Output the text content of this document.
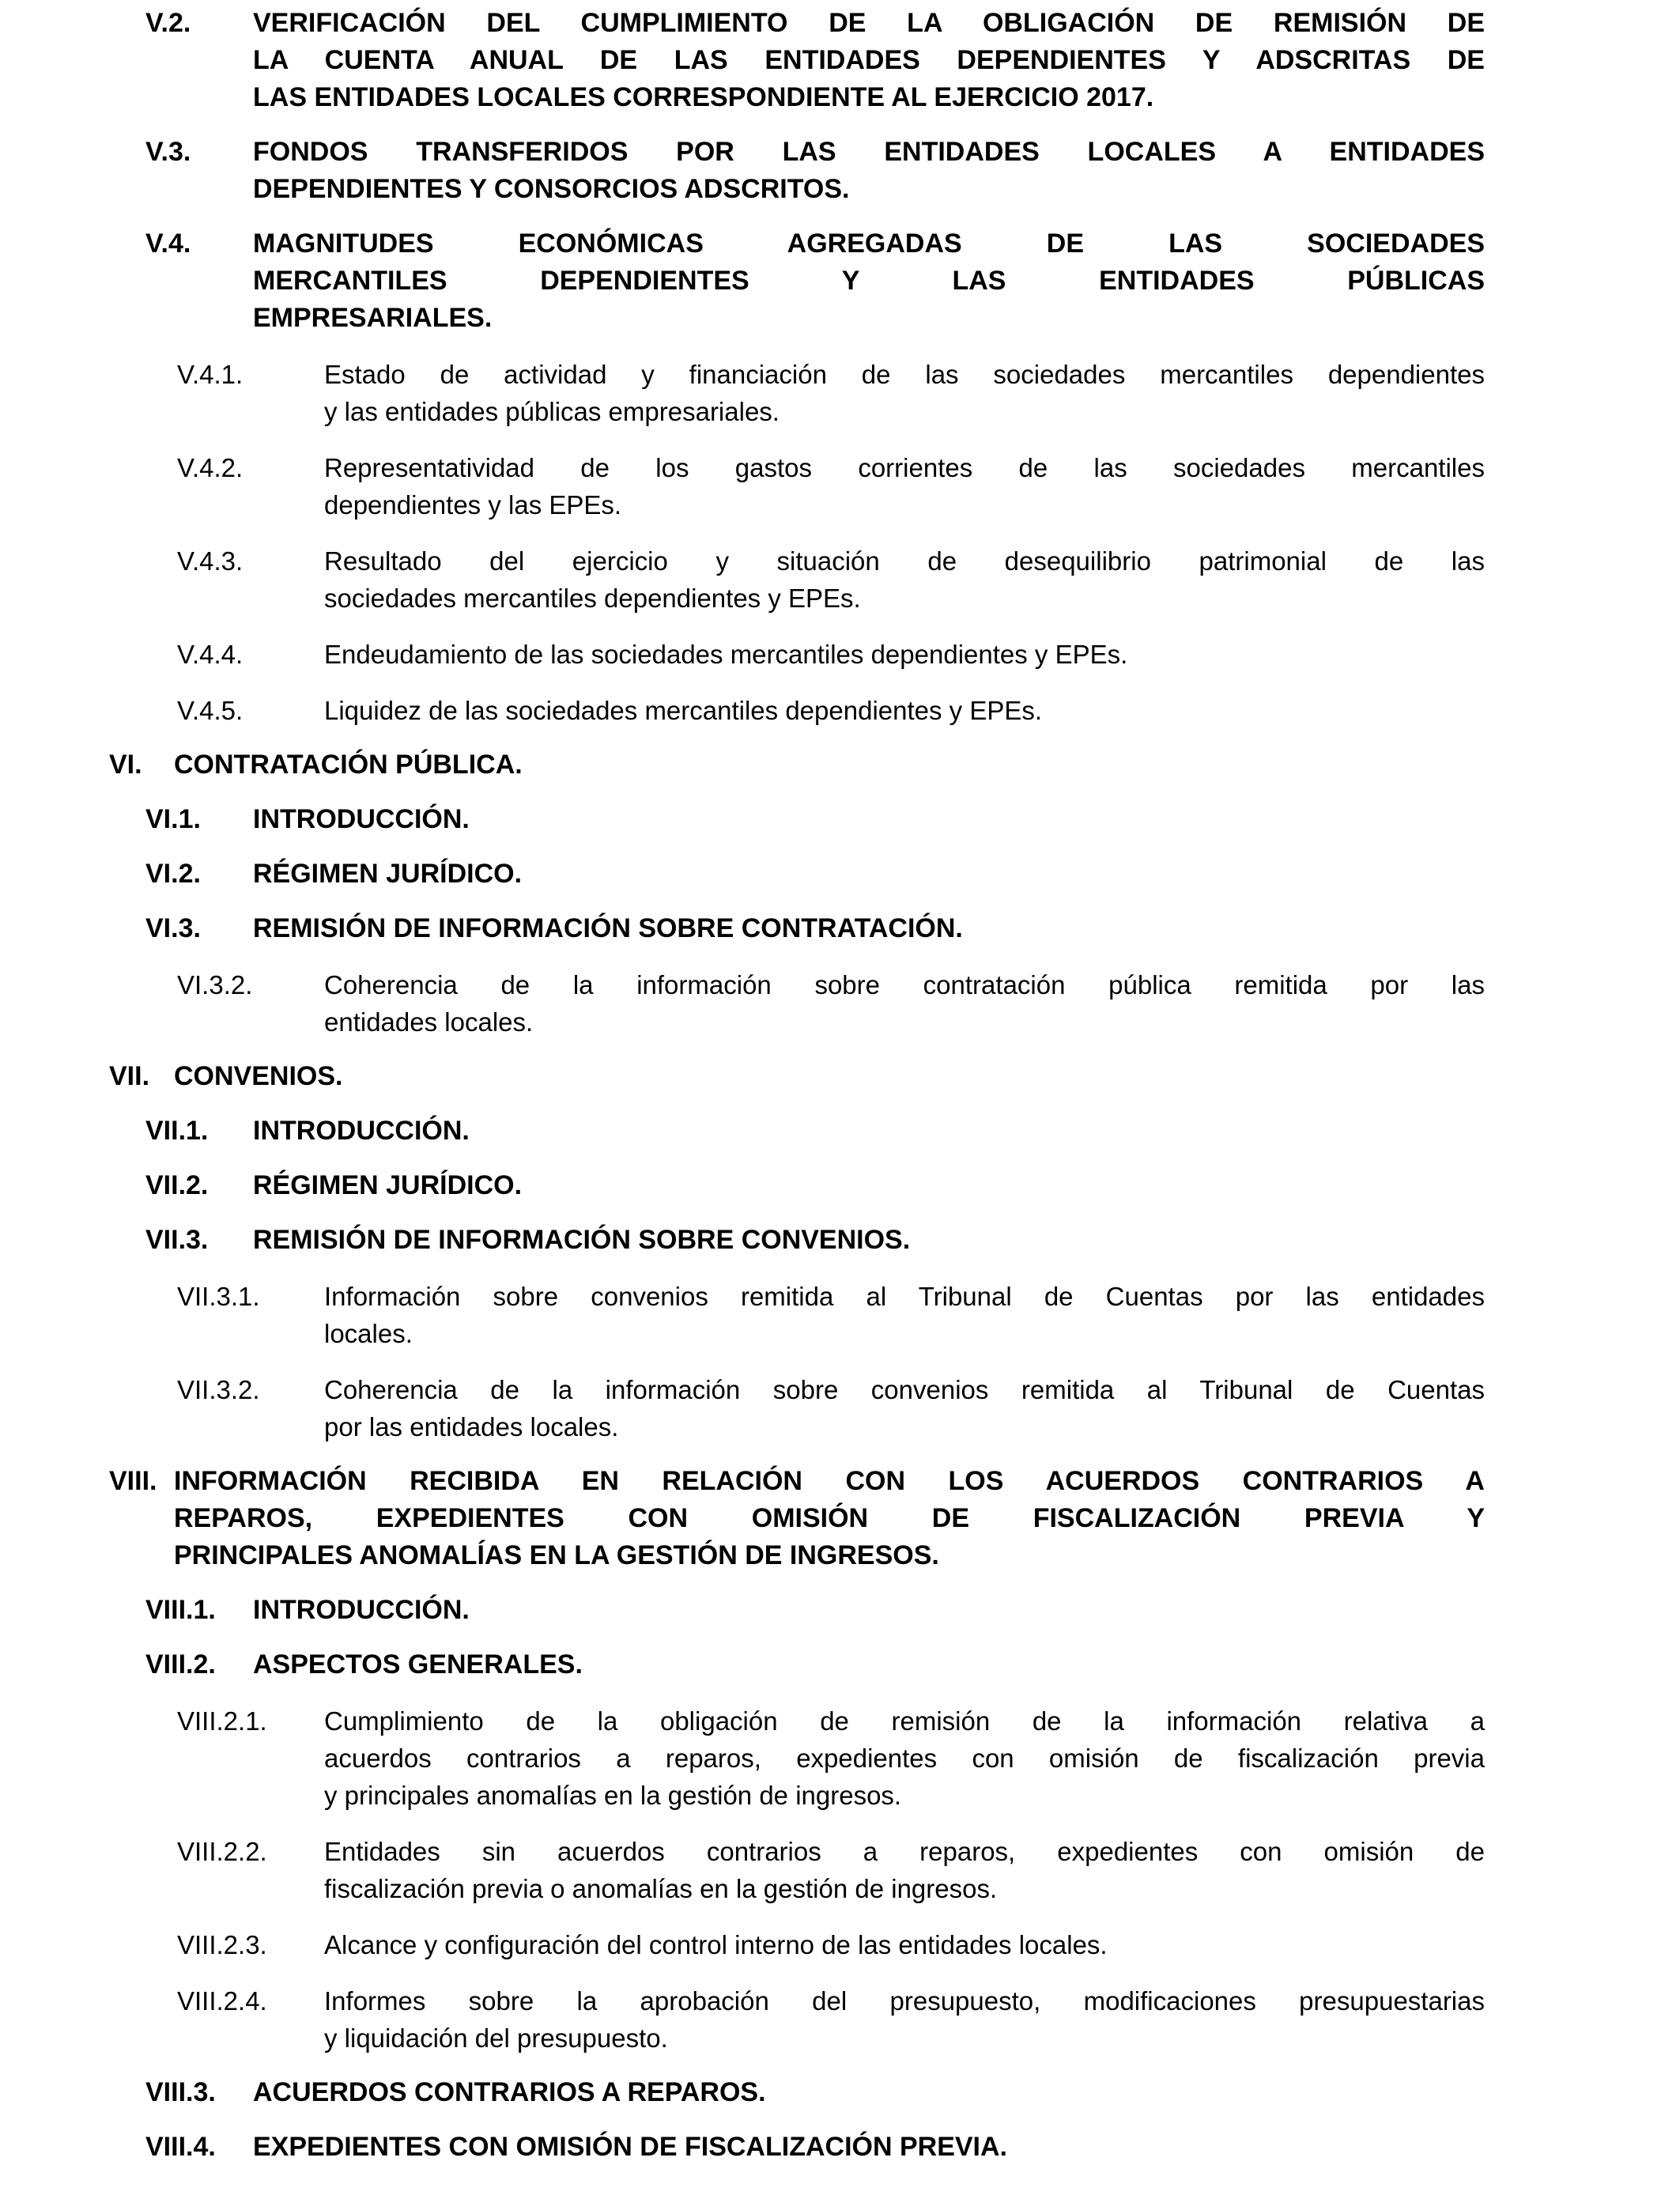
V.2.	VERIFICACIÓN DEL CUMPLIMIENTO DE LA OBLIGACIÓN DE REMISIÓN DE
LA CUENTA ANUAL DE LAS ENTIDADES DEPENDIENTES Y ADSCRITAS DE
LAS ENTIDADES LOCALES CORRESPONDIENTE AL EJERCICIO 2017.
V.3.	FONDOS TRANSFERIDOS POR LAS ENTIDADES LOCALES A ENTIDADES
DEPENDIENTES Y CONSORCIOS ADSCRITOS.
V.4.	MAGNITUDES ECONÓMICAS AGREGADAS DE LAS SOCIEDADES
MERCANTILES DEPENDIENTES Y LAS ENTIDADES PÚBLICAS
EMPRESARIALES.
V.4.1.	Estado de actividad y financiación de las sociedades mercantiles dependientes
y las entidades públicas empresariales.
V.4.2.	Representatividad de los gastos corrientes de las sociedades mercantiles
dependientes y las EPEs.
V.4.3.	Resultado del ejercicio y situación de desequilibrio patrimonial de las
sociedades mercantiles dependientes y EPEs.
V.4.4.	Endeudamiento de las sociedades mercantiles dependientes y EPEs.
V.4.5.	Liquidez de las sociedades mercantiles dependientes y EPEs.
VI.	CONTRATACIÓN PÚBLICA.
VI.1.	INTRODUCCIÓN.
VI.2.	RÉGIMEN JURÍDICO.
VI.3.	REMISIÓN DE INFORMACIÓN SOBRE CONTRATACIÓN.
VI.3.2.	Coherencia de la información sobre contratación pública remitida por las
entidades locales.
VII. CONVENIOS.
VII.1.	INTRODUCCIÓN.
VII.2.	RÉGIMEN JURÍDICO.
VII.3.	REMISIÓN DE INFORMACIÓN SOBRE CONVENIOS.
VII.3.1.	Información sobre convenios remitida al Tribunal de Cuentas por las entidades
locales.
VII.3.2.	Coherencia de la información sobre convenios remitida al Tribunal de Cuentas
por las entidades locales.
VIII. INFORMACIÓN RECIBIDA EN RELACIÓN CON LOS ACUERDOS CONTRARIOS A
REPAROS, EXPEDIENTES CON OMISIÓN DE FISCALIZACIÓN PREVIA Y
PRINCIPALES ANOMALÍAS EN LA GESTIÓN DE INGRESOS.
VIII.1.	INTRODUCCIÓN.
VIII.2.	ASPECTOS GENERALES.
VIII.2.1.	Cumplimiento de la obligación de remisión de la información relativa a
acuerdos contrarios a reparos, expedientes con omisión de fiscalización previa
y principales anomalías en la gestión de ingresos.
VIII.2.2.	Entidades sin acuerdos contrarios a reparos, expedientes con omisión de
fiscalización previa o anomalías en la gestión de ingresos.
VIII.2.3.	Alcance y configuración del control interno de las entidades locales.
VIII.2.4.	Informes sobre la aprobación del presupuesto, modificaciones presupuestarias
y liquidación del presupuesto.
VIII.3.	ACUERDOS CONTRARIOS A REPAROS.
VIII.4.	EXPEDIENTES CON OMISIÓN DE FISCALIZACIÓN PREVIA.
